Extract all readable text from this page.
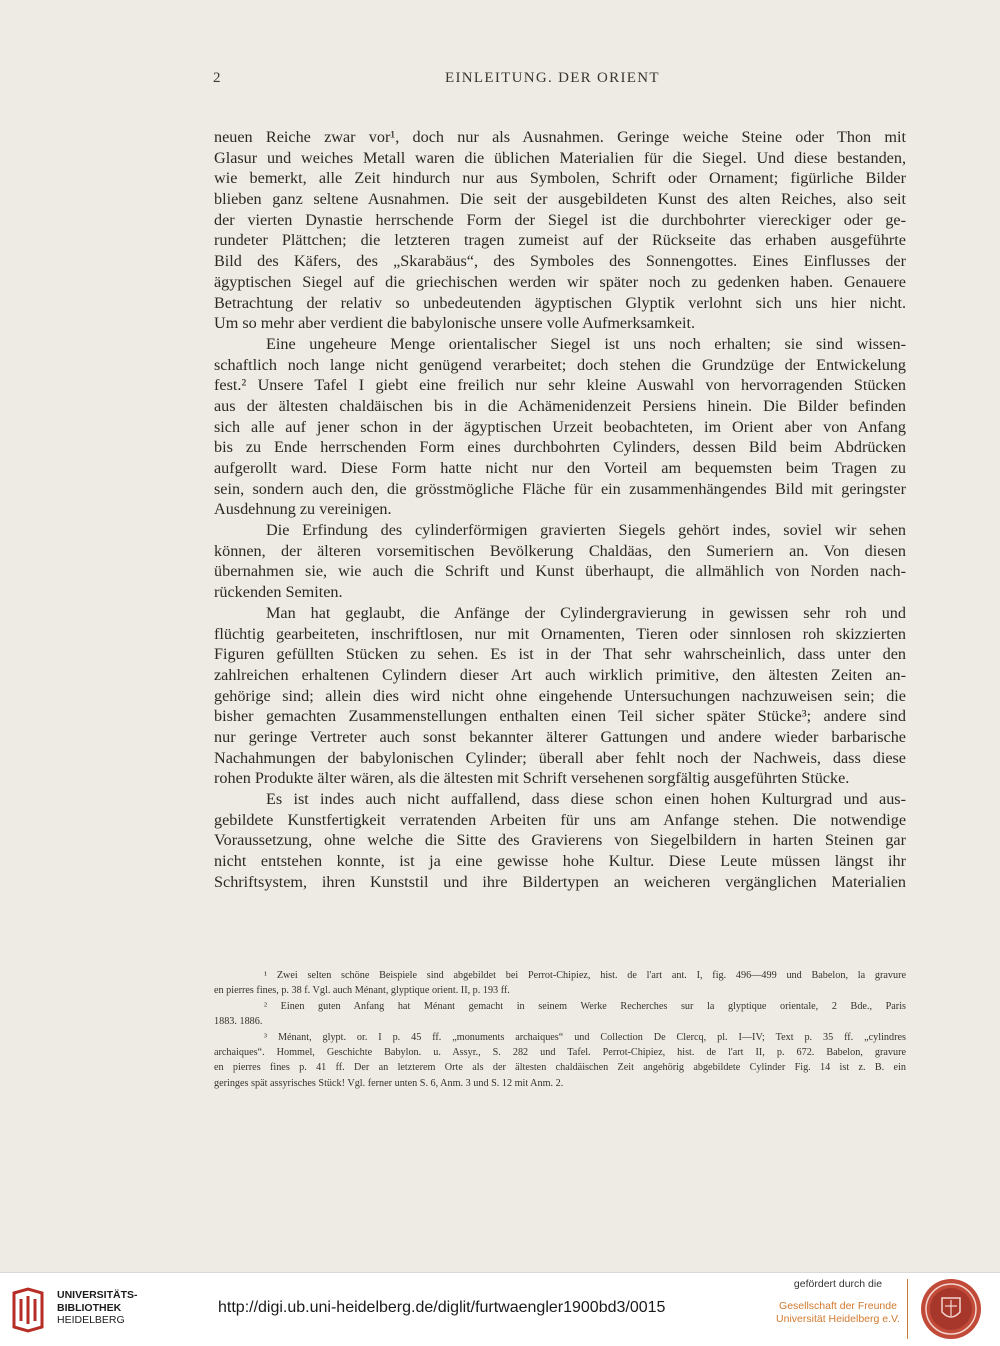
2	EINLEITUNG. DER ORIENT
neuen Reiche zwar vor¹, doch nur als Ausnahmen. Geringe weiche Steine oder Thon mit
Glasur und weiches Metall waren die üblichen Materialien für die Siegel. Und diese bestanden,
wie bemerkt, alle Zeit hindurch nur aus Symbolen, Schrift oder Ornament; figürliche Bilder
blieben ganz seltene Ausnahmen. Die seit der ausgebildeten Kunst des alten Reiches, also seit
der vierten Dynastie herrschende Form der Siegel ist die durchbohrter viereckiger oder ge-
rundeter Plättchen; die letzteren tragen zumeist auf der Rückseite das erhaben ausgeführte
Bild des Käfers, des „Skarabäus“, des Symboles des Sonnengottes. Eines Einflusses der
ägyptischen Siegel auf die griechischen werden wir später noch zu gedenken haben. Genauere
Betrachtung der relativ so unbedeutenden ägyptischen Glyptik verlohnt sich uns hier nicht.
Um so mehr aber verdient die babylonische unsere volle Aufmerksamkeit.
Eine ungeheure Menge orientalischer Siegel ist uns noch erhalten; sie sind wissen-
schaftlich noch lange nicht genügend verarbeitet; doch stehen die Grundzüge der Entwickelung
fest.² Unsere Tafel I giebt eine freilich nur sehr kleine Auswahl von hervorragenden Stücken
aus der ältesten chaldäischen bis in die Achämenidenzeit Persiens hinein. Die Bilder befinden
sich alle auf jener schon in der ägyptischen Urzeit beobachteten, im Orient aber von Anfang
bis zu Ende herrschenden Form eines durchbohrten Cylinders, dessen Bild beim Abdrücken
aufgerollt ward. Diese Form hatte nicht nur den Vorteil am bequemsten beim Tragen zu
sein, sondern auch den, die grösstmögliche Fläche für ein zusammenhängendes Bild mit geringster
Ausdehnung zu vereinigen.
Die Erfindung des cylinderförmigen gravierten Siegels gehört indes, soviel wir sehen
können, der älteren vorsemitischen Bevölkerung Chaldäas, den Sumeriern an. Von diesen
übernahmen sie, wie auch die Schrift und Kunst überhaupt, die allmählich von Norden nach-
rückenden Semiten.
Man hat geglaubt, die Anfänge der Cylindergravierung in gewissen sehr roh und
flüchtig gearbeiteten, inschriftlosen, nur mit Ornamenten, Tieren oder sinnlosen roh skizzierten
Figuren gefüllten Stücken zu sehen. Es ist in der That sehr wahrscheinlich, dass unter den
zahlreichen erhaltenen Cylindern dieser Art auch wirklich primitive, den ältesten Zeiten an-
gehörige sind; allein dies wird nicht ohne eingehende Untersuchungen nachzuweisen sein; die
bisher gemachten Zusammenstellungen enthalten einen Teil sicher später Stücke³; andere sind
nur geringe Vertreter auch sonst bekannter älterer Gattungen und andere wieder barbarische
Nachahmungen der babylonischen Cylinder; überall aber fehlt noch der Nachweis, dass diese
rohen Produkte älter wären, als die ältesten mit Schrift versehenen sorgfältig ausgeführten Stücke.
Es ist indes auch nicht auffallend, dass diese schon einen hohen Kulturgrad und aus-
gebildete Kunstfertigkeit verratenden Arbeiten für uns am Anfange stehen. Die notwendige
Voraussetzung, ohne welche die Sitte des Gravierens von Siegelbildern in harten Steinen gar
nicht entstehen konnte, ist ja eine gewisse hohe Kultur. Diese Leute müssen längst ihr
Schriftsystem, ihren Kunststil und ihre Bildertypen an weicheren vergänglichen Materialien
¹ Zwei selten schöne Beispiele sind abgebildet bei Perrot-Chipiez, hist. de l'art ant. I, fig. 496—499 und Babelon, la gravure
en pierres fines, p. 38 f. Vgl. auch Ménant, glyptique orient. II, p. 193 ff.
² Einen guten Anfang hat Ménant gemacht in seinem Werke Recherches sur la glyptique orientale, 2 Bde., Paris
1883. 1886.
³ Ménant, glypt. or. I p. 45 ff. „monuments archaiques“ und Collection De Clercq, pl. I—IV; Text p. 35 ff. „cylindres
archaiques“. Hommel, Geschichte Babylon. u. Assyr., S. 282 und Tafel. Perrot-Chipiez, hist. de l'art II, p. 672. Babelon, gravure
en pierres fines p. 41 ff. Der an letzterem Orte als der ältesten chaldäischen Zeit angehörig abgebildete Cylinder Fig. 14 ist z. B. ein
geringes spät assyrisches Stück! Vgl. ferner unten S. 6, Anm. 3 und S. 12 mit Anm. 2.
UNIVERSITÄTS-
BIBLIOTHEK
HEIDELBERG
http://digi.ub.uni-heidelberg.de/diglit/furtwaengler1900bd3/0015
gefördert durch die
Gesellschaft der Freunde
Universität Heidelberg e.V.
